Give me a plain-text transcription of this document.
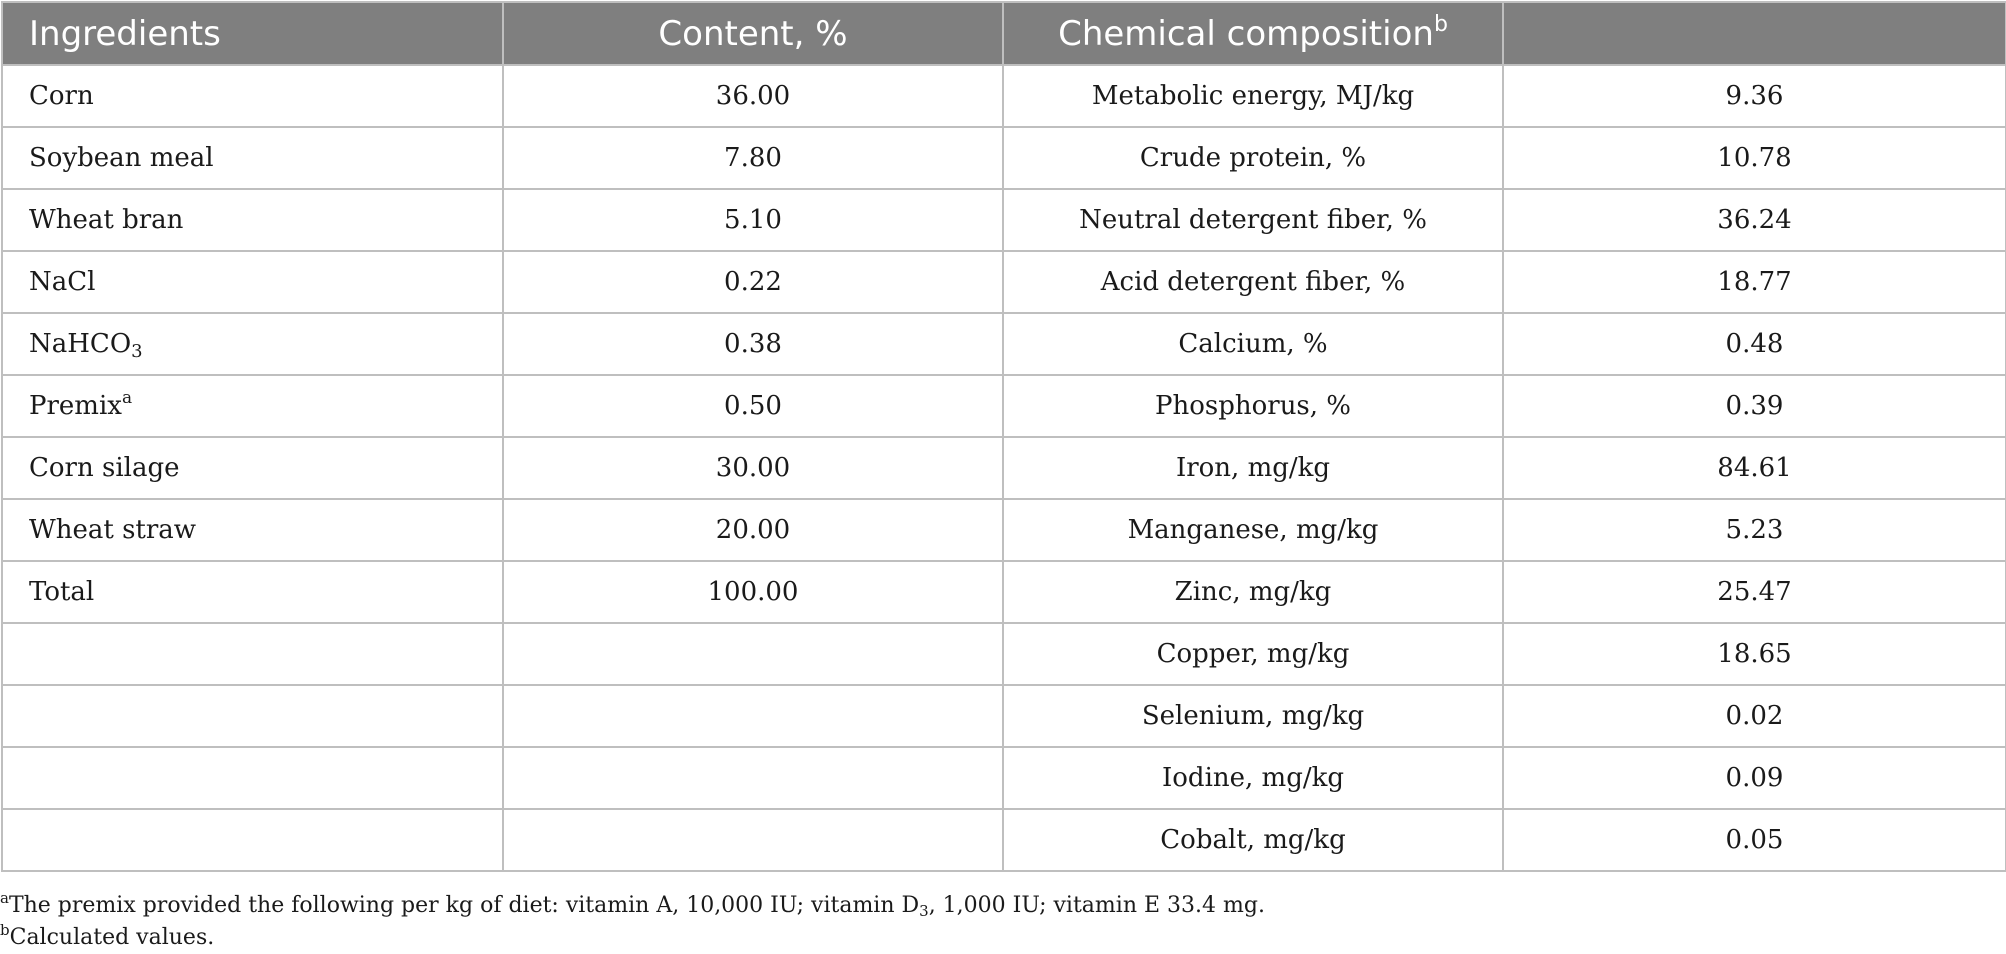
Ingredients	Content, %	Chemical composition$^b$	
Corn	36.00	Metabolic energy, MJ/kg	9.36
Soybean meal	7.80	Crude protein, %	10.78
Wheat bran	5.10	Neutral detergent fiber, %	36.24
NaCl	0.22	Acid detergent fiber, %	18.77
NaHCO$_3$	0.38	Calcium, %	0.48
Premix$^a$	0.50	Phosphorus, %	0.39
Corn silage	30.00	Iron, mg/kg	84.61
Wheat straw	20.00	Manganese, mg/kg	5.23
Total	100.00	Zinc, mg/kg	25.47
		Copper, mg/kg	18.65
		Selenium, mg/kg	0.02
		Iodine, mg/kg	0.09
		Cobalt, mg/kg	0.05
$^a$The premix provided the following per kg of diet: vitamin A, 10,000 IU; vitamin $D_3$, 1,000 IU; vitamin E 33.4 mg.
$^b$Calculated values.
